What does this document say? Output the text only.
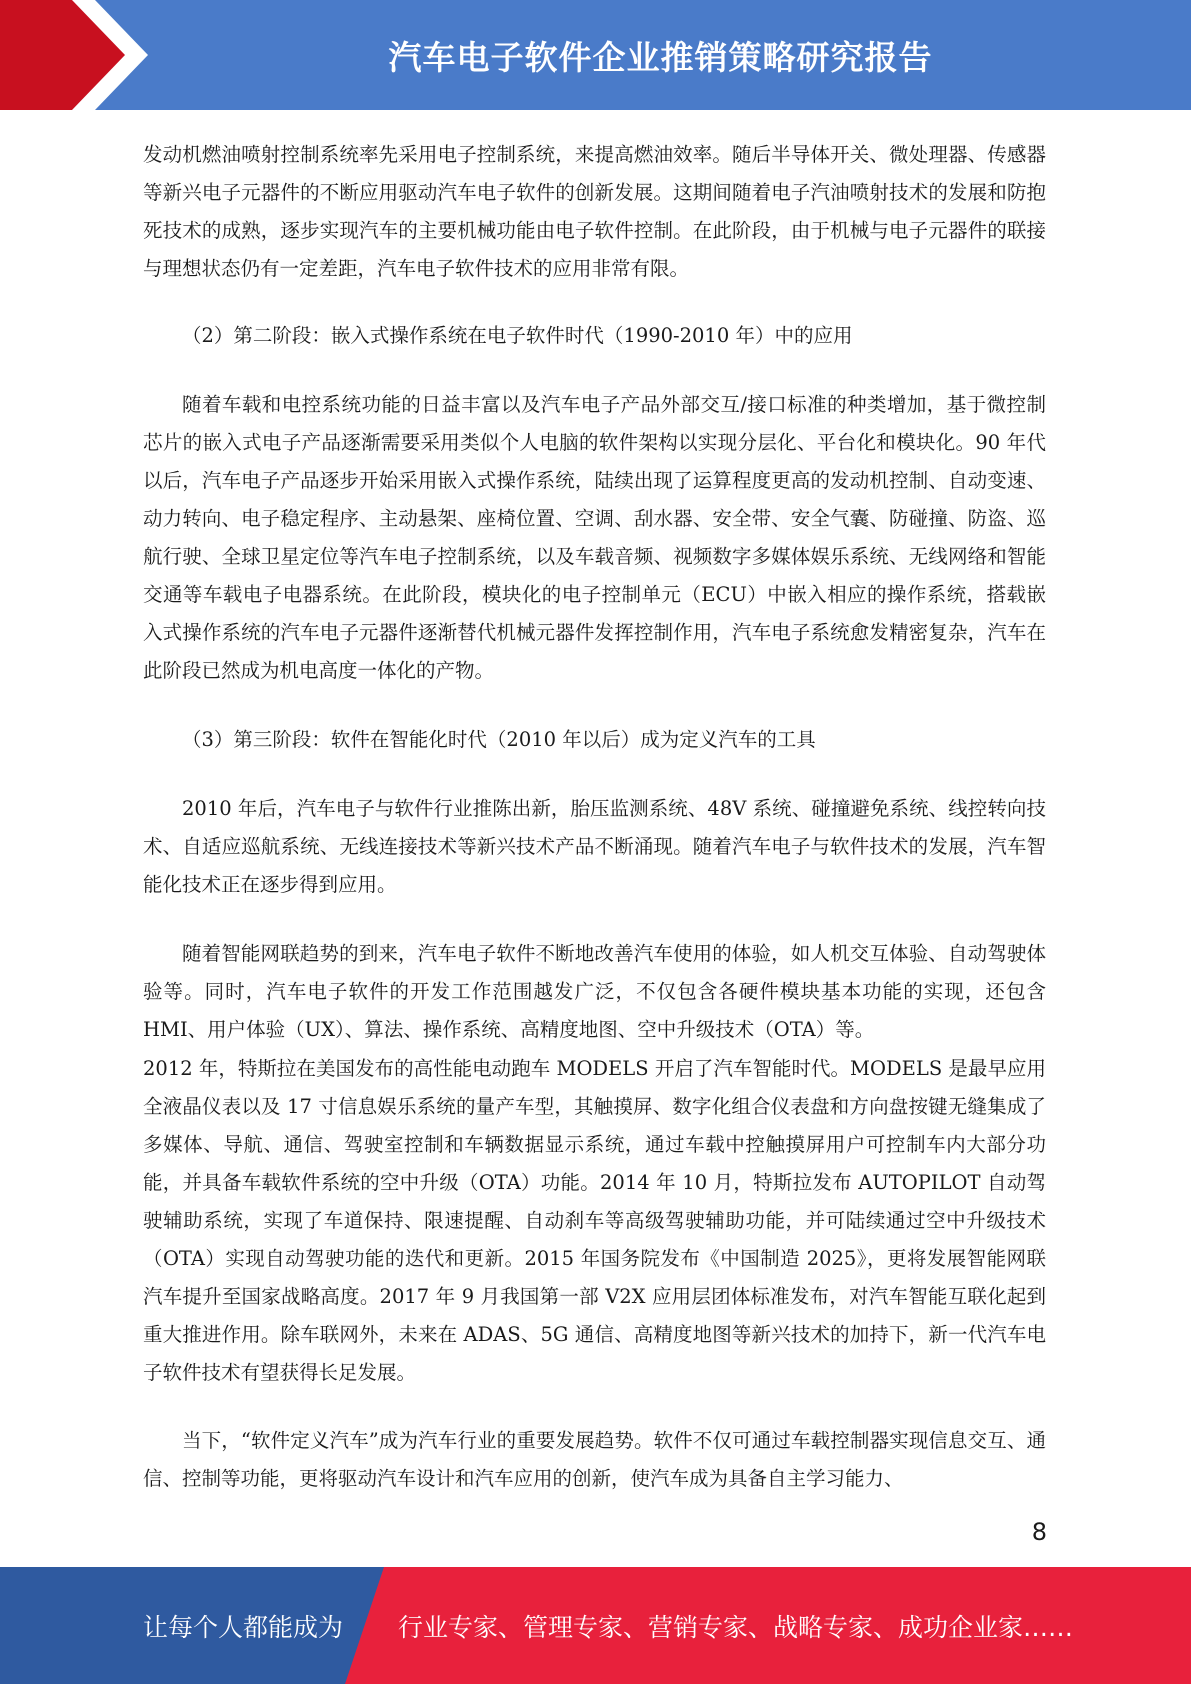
汽车电子软件企业推销策略研究报告

发动机燃油喷射控制系统率先采用电子控制系统，来提高燃油效率。随后半导体开关、微处理器、传感器等新兴电子元器件的不断应用驱动汽车电子软件的创新发展。这期间随着电子汽油喷射技术的发展和防抱死技术的成熟，逐步实现汽车的主要机械功能由电子软件控制。在此阶段，由于机械与电子元器件的联接与理想状态仍有一定差距，汽车电子软件技术的应用非常有限。

（2）第二阶段：嵌入式操作系统在电子软件时代（1990-2010 年）中的应用

随着车载和电控系统功能的日益丰富以及汽车电子产品外部交互/接口标准的种类增加，基于微控制芯片的嵌入式电子产品逐渐需要采用类似个人电脑的软件架构以实现分层化、平台化和模块化。90 年代以后，汽车电子产品逐步开始采用嵌入式操作系统，陆续出现了运算程度更高的发动机控制、自动变速、动力转向、电子稳定程序、主动悬架、座椅位置、空调、刮水器、安全带、安全气囊、防碰撞、防盗、巡航行驶、全球卫星定位等汽车电子控制系统，以及车载音频、视频数字多媒体娱乐系统、无线网络和智能交通等车载电子电器系统。在此阶段，模块化的电子控制单元（ECU）中嵌入相应的操作系统，搭载嵌入式操作系统的汽车电子元器件逐渐替代机械元器件发挥控制作用，汽车电子系统愈发精密复杂，汽车在此阶段已然成为机电高度一体化的产物。

（3）第三阶段：软件在智能化时代（2010 年以后）成为定义汽车的工具

2010 年后，汽车电子与软件行业推陈出新，胎压监测系统、48V 系统、碰撞避免系统、线控转向技术、自适应巡航系统、无线连接技术等新兴技术产品不断涌现。随着汽车电子与软件技术的发展，汽车智能化技术正在逐步得到应用。

随着智能网联趋势的到来，汽车电子软件不断地改善汽车使用的体验，如人机交互体验、自动驾驶体验等。同时，汽车电子软件的开发工作范围越发广泛，不仅包含各硬件模块基本功能的实现，还包含 HMI、用户体验（UX）、算法、操作系统、高精度地图、空中升级技术（OTA）等。

2012 年，特斯拉在美国发布的高性能电动跑车 MODELS 开启了汽车智能时代。MODELS 是最早应用全液晶仪表以及 17 寸信息娱乐系统的量产车型，其触摸屏、数字化组合仪表盘和方向盘按键无缝集成了多媒体、导航、通信、驾驶室控制和车辆数据显示系统，通过车载中控触摸屏用户可控制车内大部分功能，并具备车载软件系统的空中升级（OTA）功能。2014 年 10 月，特斯拉发布 AUTOPILOT 自动驾驶辅助系统，实现了车道保持、限速提醒、自动刹车等高级驾驶辅助功能，并可陆续通过空中升级技术（OTA）实现自动驾驶功能的迭代和更新。2015 年国务院发布《中国制造 2025》，更将发展智能网联汽车提升至国家战略高度。2017 年 9 月我国第一部 V2X 应用层团体标准发布，对汽车智能互联化起到重大推进作用。除车联网外，未来在 ADAS、5G 通信、高精度地图等新兴技术的加持下，新一代汽车电子软件技术有望获得长足发展。

当下，“软件定义汽车”成为汽车行业的重要发展趋势。软件不仅可通过车载控制器实现信息交互、通信、控制等功能，更将驱动汽车设计和汽车应用的创新，使汽车成为具备自主学习能力、

8
让每个人都能成为 行业专家、管理专家、营销专家、战略专家、成功企业家……
